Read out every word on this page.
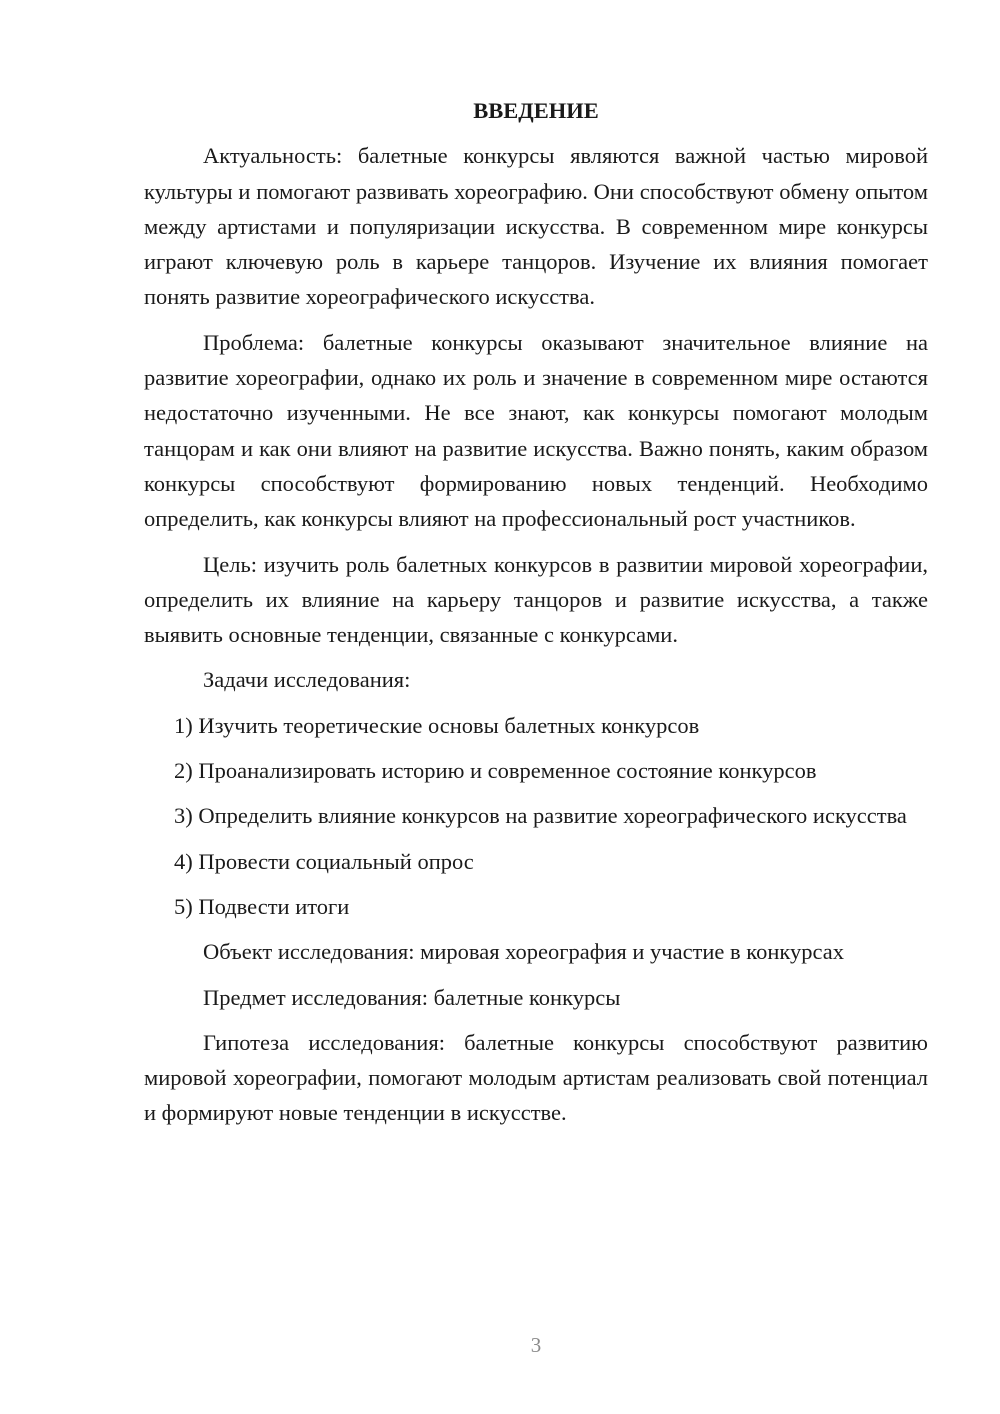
ВВЕДЕНИЕ

Актуальность: балетные конкурсы являются важной частью мировой культуры и помогают развивать хореографию. Они способствуют обмену опытом между артистами и популяризации искусства. В современном мире конкурсы играют ключевую роль в карьере танцоров. Изучение их влияния помогает понять развитие хореографического искусства.

Проблема: балетные конкурсы оказывают значительное влияние на развитие хореографии, однако их роль и значение в современном мире остаются недостаточно изученными. Не все знают, как конкурсы помогают молодым танцорам и как они влияют на развитие искусства. Важно понять, каким образом конкурсы способствуют формированию новых тенденций. Необходимо определить, как конкурсы влияют на профессиональный рост участников.

Цель: изучить роль балетных конкурсов в развитии мировой хореографии, определить их влияние на карьеру танцоров и развитие искусства, а также выявить основные тенденции, связанные с конкурсами.

Задачи исследования:

1) Изучить теоретические основы балетных конкурсов

2) Проанализировать историю и современное состояние конкурсов

3) Определить влияние конкурсов на развитие хореографического искусства

4) Провести социальный опрос

5) Подвести итоги

Объект исследования: мировая хореография и участие в конкурсах

Предмет исследования: балетные конкурсы

Гипотеза исследования: балетные конкурсы способствуют развитию мировой хореографии, помогают молодым артистам реализовать свой потенциал и формируют новые тенденции в искусстве.

3
